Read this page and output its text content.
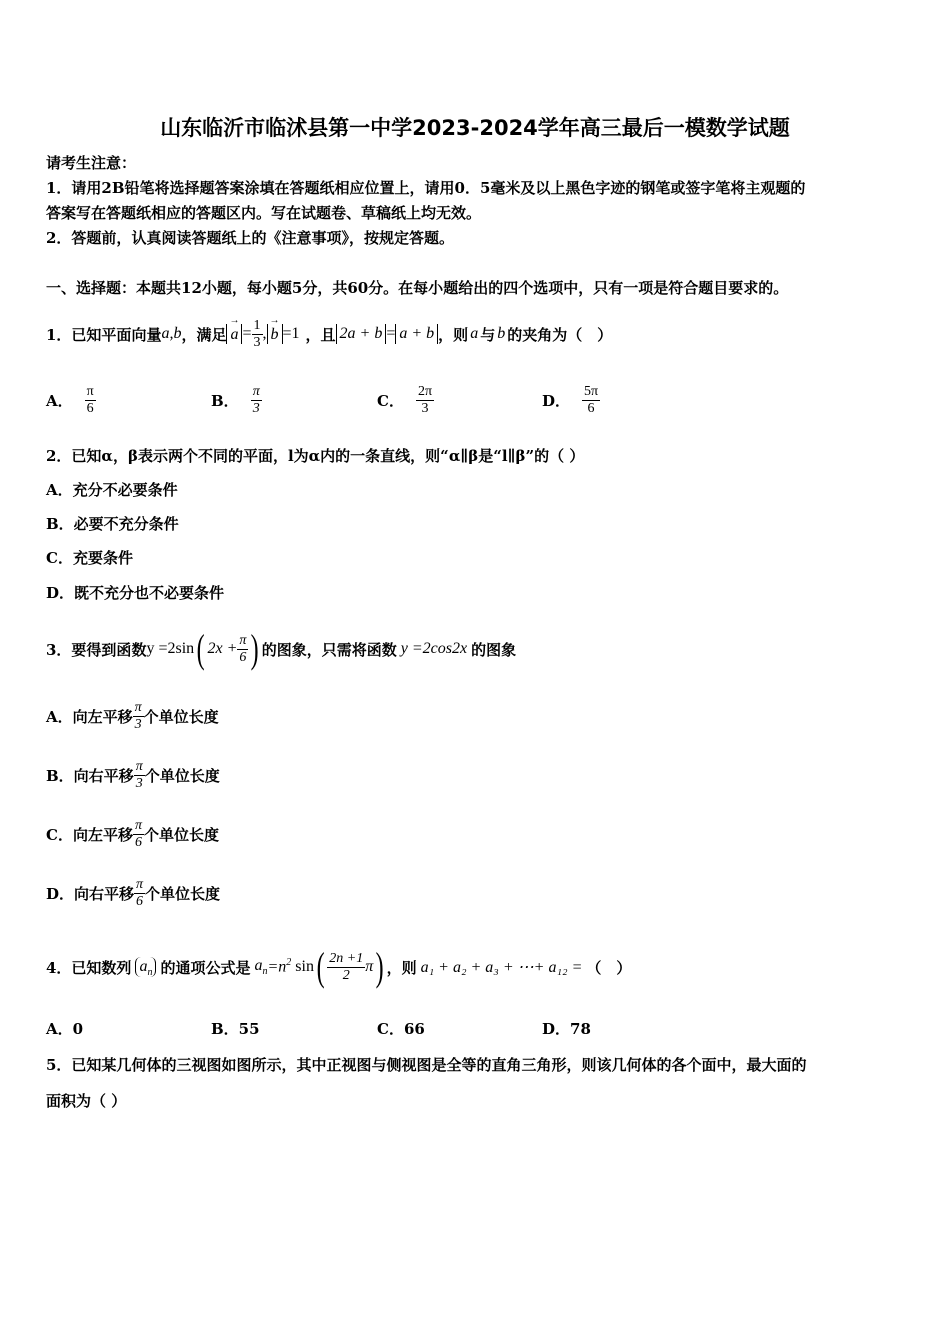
山东临沂市临沭县第一中学2023-2024学年高三最后一模数学试题
请考生注意：
1．请用2B铅笔将选择题答案涂填在答题纸相应位置上，请用0．5毫米及以上黑色字迹的钢笔或签字笔将主观题的
答案写在答题纸相应的答题区内。写在试题卷、草稿纸上均无效。
2．答题前，认真阅读答题纸上的《注意事项》，按规定答题。
一、选择题：本题共12小题，每小题5分，共60分。在每小题给出的四个选项中，只有一项是符合题目要求的。
1．已知平面向量 a,b ，满足 → $a = \frac{1}{3}$ , → b =1 ，且 2a + b = a + b ，则 a 与 b 的夹角为（　）
A． $\frac{\pi}{6}$	B． $\frac{\pi}{3}$	C． $\frac{2\pi}{3}$	D． $\frac{5\pi}{6}$
2．已知α，β表示两个不同的平面，l为α内的一条直线，则“α∥β是“l∥β”的（ ）
A．充分不必要条件
B．必要不充分条件
C．充要条件
D．既不充分也不必要条件
3．要得到函数 y =2sin ( $2x + \frac{\pi}{6}$ ) 的图象，只需将函数 y =2cos2x 的图象
A．向左平移 $\frac{\pi}{3}$ 个单位长度
B．向右平移 $\frac{\pi}{3}$ 个单位长度
C．向左平移 $\frac{\pi}{6}$ 个单位长度
D．向右平移 $\frac{\pi}{6}$ 个单位长度
4．已知数列 $a_n$ 的通项公式是 $a_n =n^2$ sin ( $\frac{2n +1}{2}$ π ) ，则 a₁ + a₂ + a₃ + ⋯+ a₁₂ = （　）
A．0	B．55	C．66	D．78
5．已知某几何体的三视图如图所示，其中正视图与侧视图是全等的直角三角形，则该几何体的各个面中，最大面的
面积为（ ）
